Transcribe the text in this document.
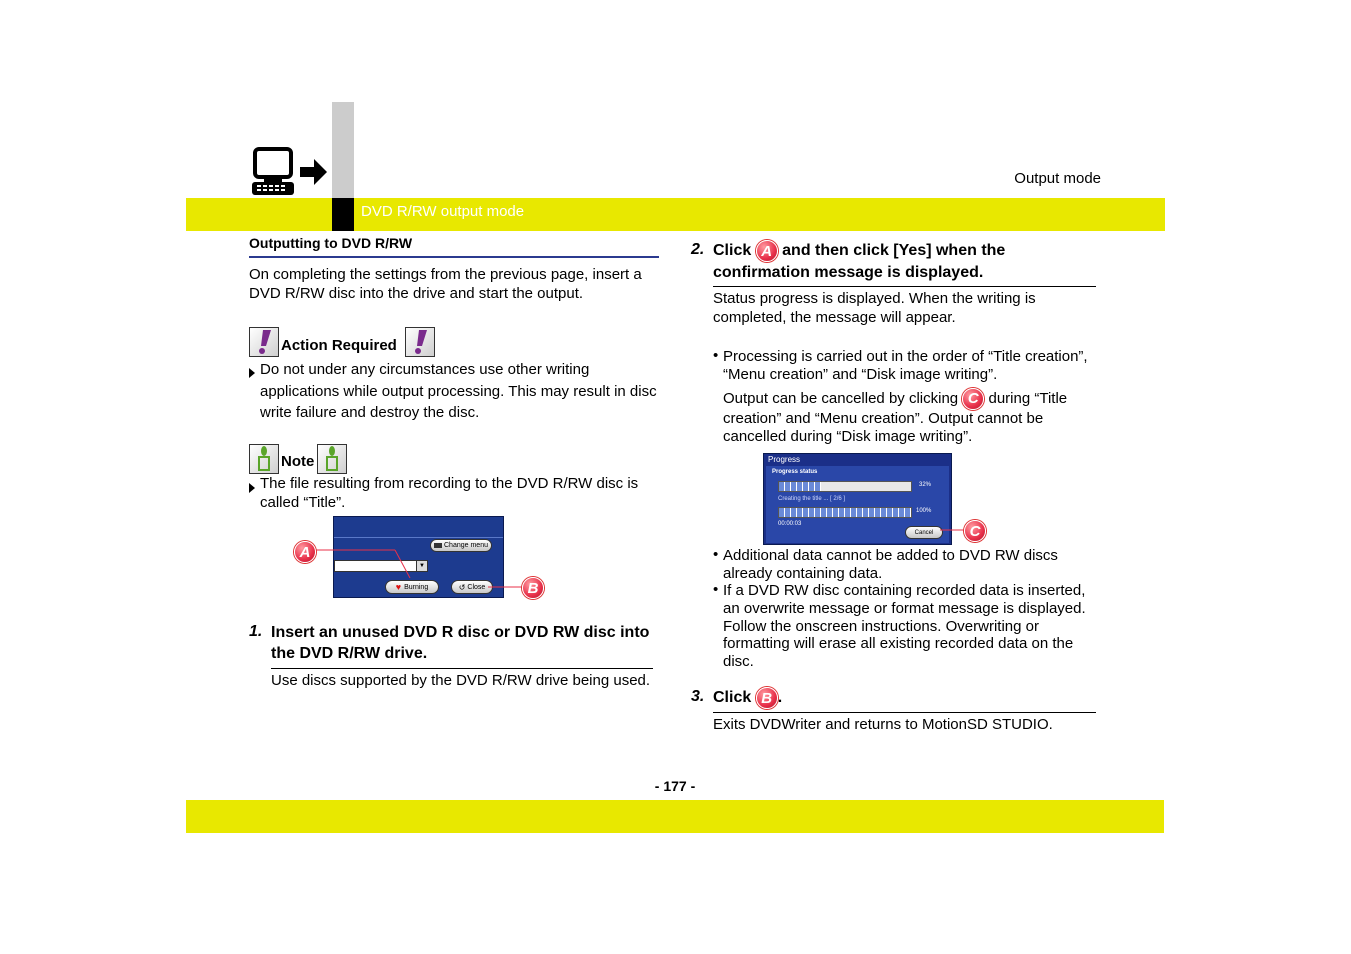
Output mode
DVD R/RW output mode
Outputting to DVD R/RW
On completing the settings from the previous page, insert a DVD R/RW disc into the drive and start the output.
Action Required
Do not under any circumstances use other writing applications while output processing. This may result in disc write failure and destroy the disc.
Note
The file resulting from recording to the DVD R/RW disc is called “Title”.
Change menu
▼
♥ Burning	↺ Close
A
B
1. Insert an unused DVD R disc or DVD RW disc into the DVD R/RW drive.
Use discs supported by the DVD R/RW drive being used.
2. Click A and then click [Yes] when the confirmation message is displayed.
Status progress is displayed. When the writing is completed, the message will appear.
• Processing is carried out in the order of “Title creation”, “Menu creation” and “Disk image writing”.
Output can be cancelled by clicking C during “Title creation” and “Menu creation”. Output cannot be cancelled during “Disk image writing”.
Progress
Progress status
32%
Creating the title ... [ 2/6 ]
100%
00:00:03
Cancel	C
• Additional data cannot be added to DVD RW discs already containing data.
• If a DVD RW disc containing recorded data is inserted, an overwrite message or format message is displayed. Follow the onscreen instructions. Overwriting or formatting will erase all existing recorded data on the disc.
3. Click B .
Exits DVDWriter and returns to MotionSD STUDIO.
- 177 -
